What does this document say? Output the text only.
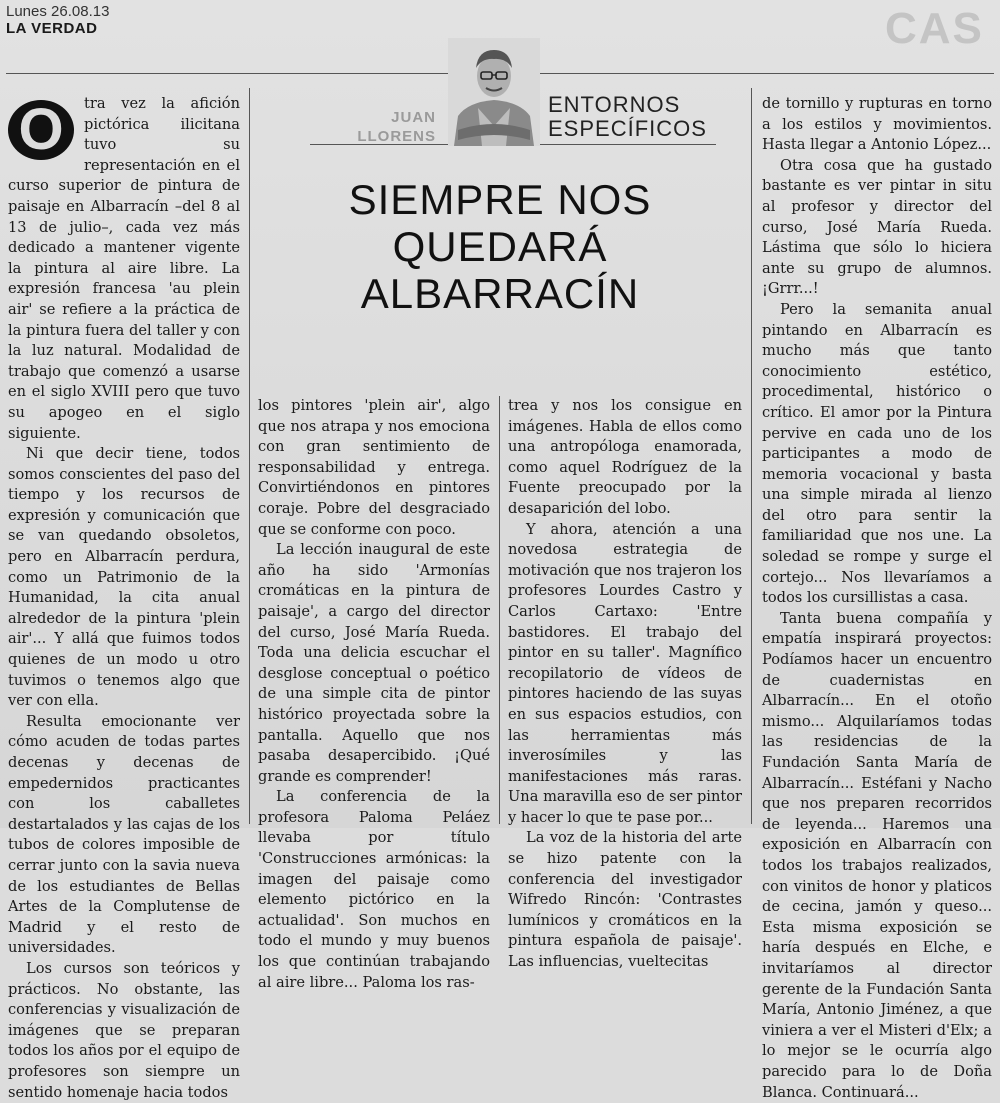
Lunes 26.08.13
LA VERDAD	CAS
JUAN
LLORENS
ENTORNOS
ESPECÍFICOS
SIEMPRE NOS
QUEDARÁ
ALBARRACÍN

O	tra vez la afición pictórica ilicitana tuvo su representación en el curso superior de pintura de paisaje en Albarracín –del 8 al 13 de julio–, cada vez más dedicado a mantener vigente la pintura al aire libre. La expresión francesa 'au plein air' se refiere a la práctica de la pintura fuera del taller y con la luz natural. Modalidad de trabajo que comenzó a usarse en el siglo XVIII pero que tuvo su apogeo en el siglo siguiente.

Ni que decir tiene, todos somos conscientes del paso del tiempo y los recursos de expresión y comunicación que se van quedando obsoletos, pero en Albarracín perdura, como un Patrimonio de la Humanidad, la cita anual alrededor de la pintura 'plein air'... Y allá que fuimos todos quienes de un modo u otro tuvimos o tenemos algo que ver con ella.

Resulta emocionante ver cómo acuden de todas partes decenas y decenas de empedernidos practicantes con los caballetes destartalados y las cajas de los tubos de colores imposible de cerrar junto con la savia nueva de los estudiantes de Bellas Artes de la Complutense de Madrid y el resto de universidades.

Los cursos son teóricos y prácticos. No obstante, las conferencias y visualización de imágenes que se preparan todos los años por el equipo de profesores son siempre un sentido homenaje hacia todos

los pintores 'plein air', algo que nos atrapa y nos emociona con gran sentimiento de responsabilidad y entrega. Convirtiéndonos en pintores coraje. Pobre del desgraciado que se conforme con poco.

La lección inaugural de este año ha sido 'Armonías cromáticas en la pintura de paisaje', a cargo del director del curso, José María Rueda. Toda una delicia escuchar el desglose conceptual o poético de una simple cita de pintor histórico proyectada sobre la pantalla. Aquello que nos pasaba desapercibido. ¡Qué grande es comprender!

La conferencia de la profesora Paloma Peláez llevaba por título 'Construcciones armónicas: la imagen del paisaje como elemento pictórico en la actualidad'. Son muchos en todo el mundo y muy buenos los que continúan trabajando al aire libre... Paloma los ras-

trea y nos los consigue en imágenes. Habla de ellos como una antropóloga enamorada, como aquel Rodríguez de la Fuente preocupado por la desaparición del lobo.

Y ahora, atención a una novedosa estrategia de motivación que nos trajeron los profesores Lourdes Castro y Carlos Cartaxo: 'Entre bastidores. El trabajo del pintor en su taller'. Magnífico recopilatorio de vídeos de pintores haciendo de las suyas en sus espacios estudios, con las herramientas más inverosímiles y las manifestaciones más raras. Una maravilla eso de ser pintor y hacer lo que te pase por...

La voz de la historia del arte se hizo patente con la conferencia del investigador Wifredo Rincón: 'Contrastes lumínicos y cromáticos en la pintura española de paisaje'. Las influencias, vueltecitas

de tornillo y rupturas en torno a los estilos y movimientos. Hasta llegar a Antonio López...

Otra cosa que ha gustado bastante es ver pintar in situ al profesor y director del curso, José María Rueda. Lástima que sólo lo hiciera ante su grupo de alumnos. ¡Grrr...!

Pero la semanita anual pintando en Albarracín es mucho más que tanto conocimiento estético, procedimental, histórico o crítico. El amor por la Pintura pervive en cada uno de los participantes a modo de memoria vocacional y basta una simple mirada al lienzo del otro para sentir la familiaridad que nos une. La soledad se rompe y surge el cortejo... Nos llevaríamos a todos los cursillistas a casa.

Tanta buena compañía y empatía inspirará proyectos: Podíamos hacer un encuentro de cuadernistas en Albarracín... En el otoño mismo... Alquilaríamos todas las residencias de la Fundación Santa María de Albarracín... Estéfani y Nacho que nos preparen recorridos de leyenda... Haremos una exposición en Albarracín con todos los trabajos realizados, con vinitos de honor y platicos de cecina, jamón y queso... Esta misma exposición se haría después en Elche, e invitaríamos al director gerente de la Fundación Santa María, Antonio Jiménez, a que viniera a ver el Misteri d'Elx; a lo mejor se le ocurría algo parecido para lo de Doña Blanca. Continuará...
